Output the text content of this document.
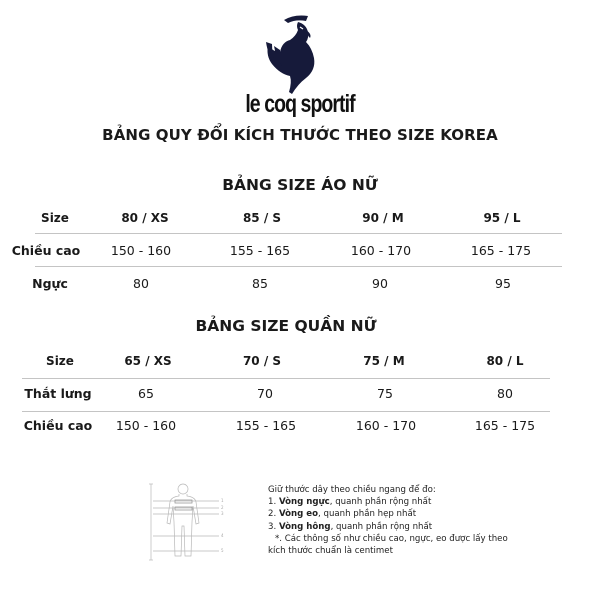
le coq sportif
BẢNG QUY ĐỔI KÍCH THƯỚC THEO SIZE KOREA
BẢNG SIZE ÁO NỮ
Size	80 / XS	85 / S	90 / M	95 / L
Chiều cao 150 - 160	155 - 165	160 - 170	165 - 175
Ngực	80	85	90	95
BẢNG SIZE QUẦN NỮ
Size	65 / XS	70 / S	75 / M	80 / L
Thắt lưng	65	70	75	80
Chiều cao 150 - 160	155 - 165	160 - 170	165 - 175
1
2
3
4
5
Giữ thước dây theo chiều ngang để đo:
1. Vòng ngực, quanh phần rộng nhất
2. Vòng eo, quanh phần hẹp nhất
3. Vòng hông, quanh phần rộng nhất
*. Các thông số như chiều cao, ngực, eo được lấy theo
kích thước chuẩn là centimet
